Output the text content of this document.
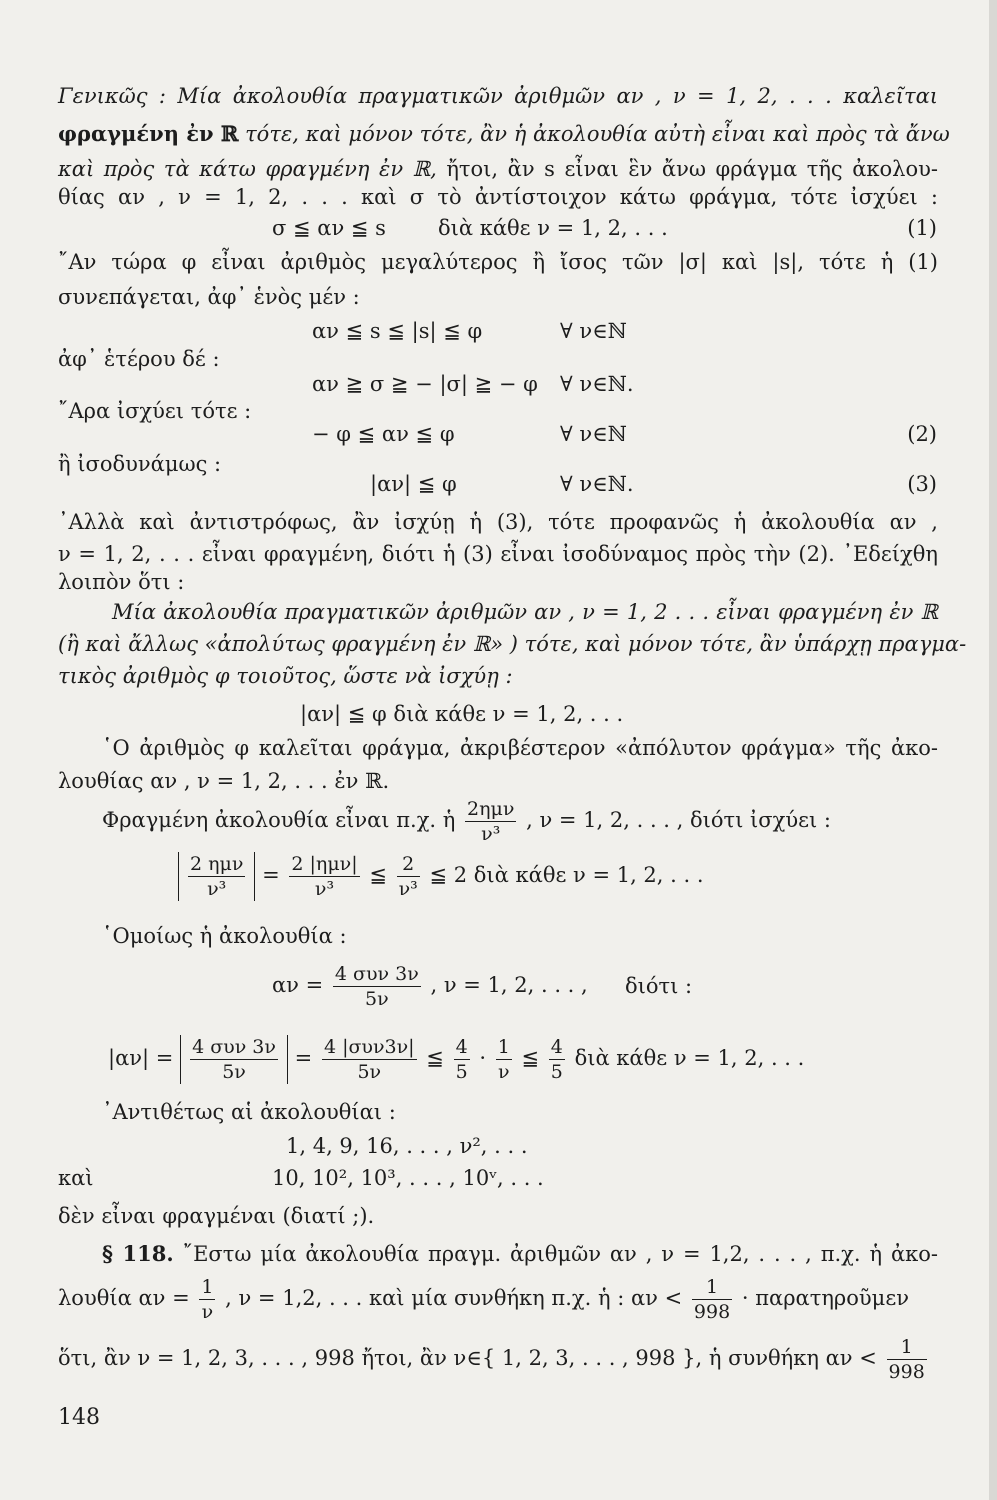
Γενικῶς : Μία ἀκολουθία πραγματικῶν ἀριθμῶν αν , ν = 1, 2, . . . καλεῖται
φραγμένη ἐν ℝ τότε, καὶ μόνον τότε, ἂν ἡ ἀκολουθία αὐτὴ εἶναι καὶ πρὸς τὰ ἄνω
καὶ πρὸς τὰ κάτω φραγμένη ἐν ℝ, ἤτοι, ἂν s εἶναι ἓν ἄνω φράγμα τῆς ἀκολου-
θίας αν , ν = 1, 2, . . . καὶ σ τὸ ἀντίστοιχον κάτω φράγμα, τότε ἰσχύει :
σ ≦ αν ≦ s διὰ κάθε ν = 1, 2, . . .	(1)
῎Αν τώρα φ εἶναι ἀριθμὸς μεγαλύτερος ἢ ἴσος τῶν |σ| καὶ |s|, τότε ἡ (1)
συνεπάγεται, ἀφ᾿ ἑνὸς μέν :
αν ≦ s ≦ |s| ≦ φ	∀ ν∈ℕ
ἀφ᾿ ἑτέρου δέ :
αν ≧ σ ≧ − |σ| ≧ − φ ∀ ν∈ℕ.
῎Αρα ἰσχύει τότε :
− φ ≦ αν ≦ φ	∀ ν∈ℕ	(2)
ἢ ἰσοδυνάμως :
|αν| ≦ φ	∀ ν∈ℕ.	(3)
᾿Αλλὰ καὶ ἀντιστρόφως, ἂν ἰσχύῃ ἡ (3), τότε προφανῶς ἡ ἀκολουθία αν ,
ν = 1, 2, . . . εἶναι φραγμένη, διότι ἡ (3) εἶναι ἰσοδύναμος πρὸς τὴν (2). ᾿Εδείχθη
λοιπὸν ὅτι :
Μία ἀκολουθία πραγματικῶν ἀριθμῶν αν , ν = 1, 2 . . . εἶναι φραγμένη ἐν ℝ
(ἢ καὶ ἄλλως «ἀπολύτως φραγμένη ἐν ℝ» ) τότε, καὶ μόνον τότε, ἂν ὑπάρχῃ πραγμα-
τικὸς ἀριθμὸς φ τοιοῦτος, ὥστε νὰ ἰσχύῃ :
|αν| ≦ φ διὰ κάθε ν = 1, 2, . . .
῾Ο ἀριθμὸς φ καλεῖται φράγμα, ἀκριβέστερον «ἀπόλυτον φράγμα» τῆς ἀκο-
λουθίας αν , ν = 1, 2, . . . ἐν ℝ.
Φραγμένη ἀκολουθία εἶναι π.χ. ἡ $\frac{\text{2ημν}}{\text{ν³}}$ , ν = 1, 2, . . . , διότι ἰσχύει :
$\frac{\text{2 ημν}}{\text{ν³}} = \frac{\text{2 |ημν|}}{\text{ν³}}$ ≦ $\frac{2}{\text{ν³}}$ ≦ 2 διὰ κάθε ν = 1, 2, . . .
῾Ομοίως ἡ ἀκολουθία :
$\alpha\nu = \frac{\text{4 συν 3ν}}{5\nu}$ , ν = 1, 2, . . . , διότι :
$|\alpha\nu| = \frac{\text{4 συν 3ν}}{5\nu} = \frac{\text{4 |συν3ν|}}{5\nu}$ ≦ $\frac{4}{5} \cdot \frac{1}{\nu}$ ≦ $\frac{4}{5}$ διὰ κάθε ν = 1, 2, . . .
᾿Αντιθέτως αἱ ἀκολουθίαι :
1, 4, 9, 16, . . . , ν², . . .
καὶ	10, 10², 10³, . . . , 10ᵛ, . . .
δὲν εἶναι φραγμέναι (διατί ;).
§ 118. ῎Εστω μία ἀκολουθία πραγμ. ἀριθμῶν αν , ν = 1,2, . . . , π.χ. ἡ ἀκο-
λουθία $\alpha\nu = \frac{1}{\nu}$ , ν = 1,2, . . . καὶ μία συνθήκη π.χ. ἡ : $\alpha\nu < \frac{1}{998}$ · παρατηροῦμεν
ὅτι, ἂν ν = 1, 2, 3, . . . , 998 ἤτοι, ἂν ν∈{ 1, 2, 3, . . . , 998 }, ἡ συνθήκη $\alpha\nu < \frac{1}{998}$
148
